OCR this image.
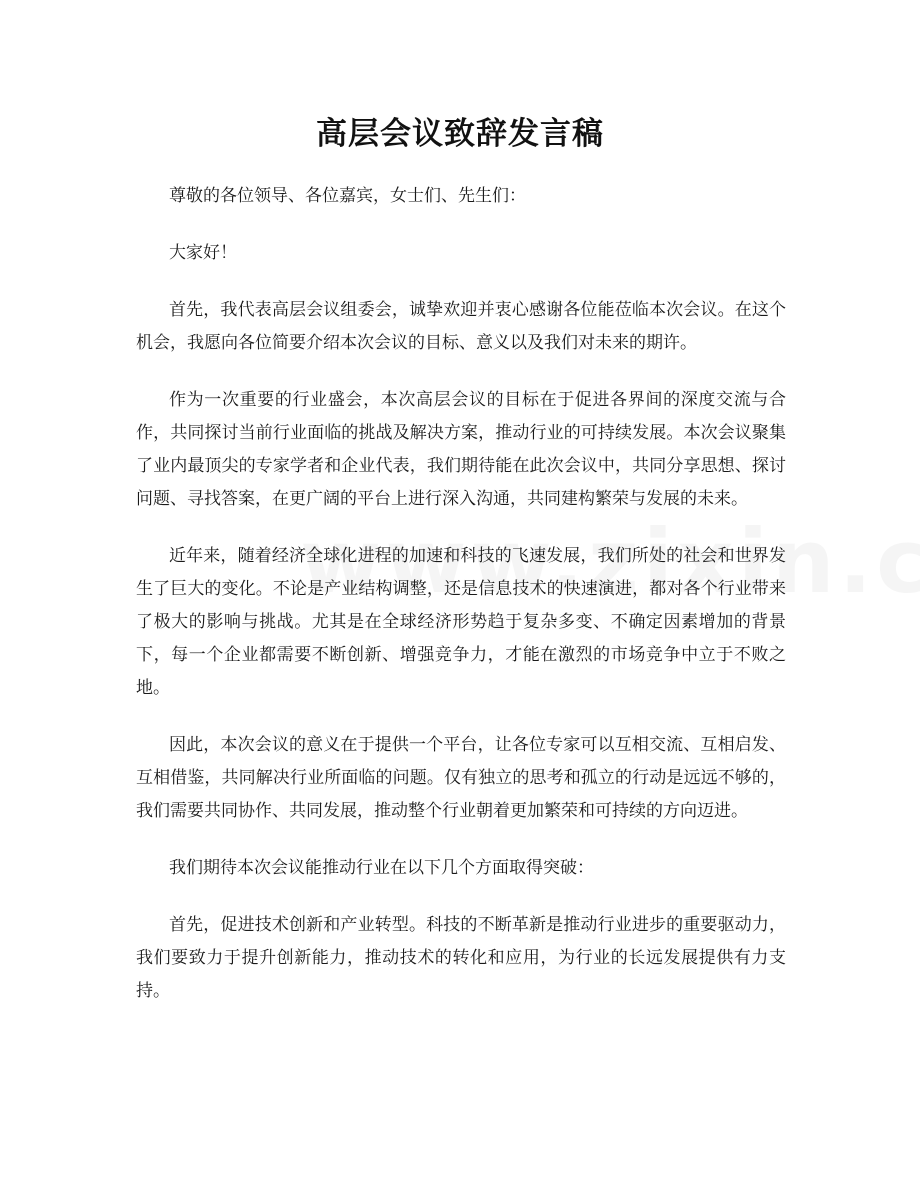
高层会议致辞发言稿

尊敬的各位领导、各位嘉宾，女士们、先生们：

大家好！

首先，我代表高层会议组委会，诚挚欢迎并衷心感谢各位能莅临本次会议。在这个机会，我愿向各位简要介绍本次会议的目标、意义以及我们对未来的期许。

作为一次重要的行业盛会，本次高层会议的目标在于促进各界间的深度交流与合作，共同探讨当前行业面临的挑战及解决方案，推动行业的可持续发展。本次会议聚集了业内最顶尖的专家学者和企业代表，我们期待能在此次会议中，共同分享思想、探讨问题、寻找答案，在更广阔的平台上进行深入沟通，共同建构繁荣与发展的未来。

近年来，随着经济全球化进程的加速和科技的飞速发展，我们所处的社会和世界发生了巨大的变化。不论是产业结构调整，还是信息技术的快速演进，都对各个行业带来了极大的影响与挑战。尤其是在全球经济形势趋于复杂多变、不确定因素增加的背景下，每一个企业都需要不断创新、增强竞争力，才能在激烈的市场竞争中立于不败之地。

因此，本次会议的意义在于提供一个平台，让各位专家可以互相交流、互相启发、互相借鉴，共同解决行业所面临的问题。仅有独立的思考和孤立的行动是远远不够的，我们需要共同协作、共同发展，推动整个行业朝着更加繁荣和可持续的方向迈进。

我们期待本次会议能推动行业在以下几个方面取得突破：

首先，促进技术创新和产业转型。科技的不断革新是推动行业进步的重要驱动力，我们要致力于提升创新能力，推动技术的转化和应用，为行业的长远发展提供有力支持。
